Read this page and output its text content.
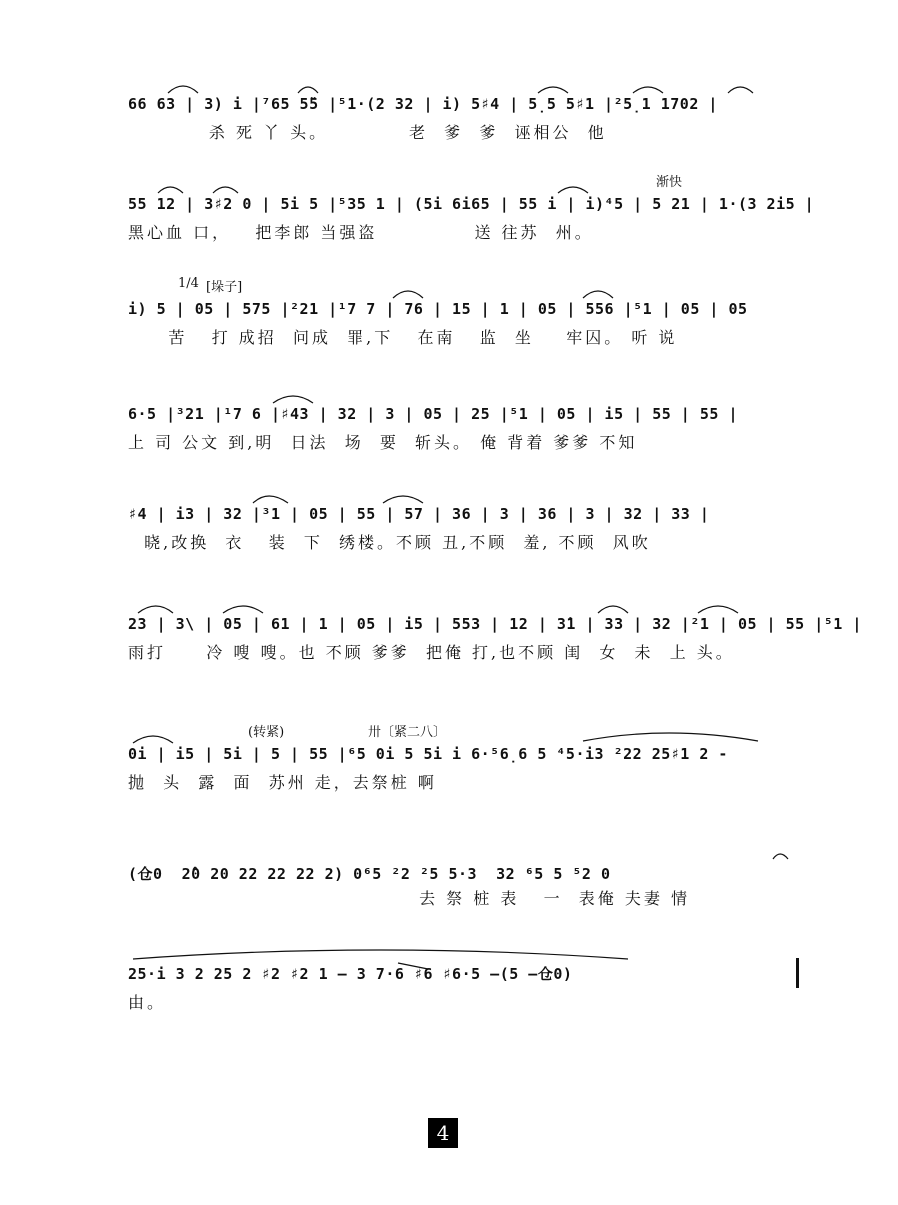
66 63 | 3) i |⁷65 5̈5 |⁵1·(2 32 | i) 5♯4 | 5̣5 5♯1 |²5̣1 1702 |
杀 死 丫 头。          老  爹  爹  诬相公  他
渐快
55 12 | 3♯2 0 | 5i 5 |⁵35 1 | (5i 6i65 | 55 i | i)⁴5 | 5 21 | 1·(3 2i5 |
黑心血 口，   把李郎 当强盗            送 往苏  州。
1/4 [垛子]
i) 5 | 05 | 575 |²21 |¹7 7 | 76 | 15 | 1 | 05 | 556 |⁵1 | 05 | 05
苦   打 成招  问成  罪,下   在南   监  坐    牢囚。 听 说
6·5 |³21 |¹7 6 |♯43 | 32 | 3 | 05 | 25 |⁵1 | 05 | i5 | 55 | 55 |
上 司 公文 到,明  日法  场  要  斩头。 俺 背着 爹爹 不知
♯4 | i3 | 32 |³1 | 05 | 55 | 57 | 36 | 3 | 36 | 3 | 32 | 33 |
晓,改换  衣   装  下  绣楼。不顾 丑,不顾  羞, 不顾  风吹
23 | 3\ | 05 | 61 | 1 | 05 | i5 | 553 | 12 | 3̇1 | 33 | 32 |²1 | 05 | 55 |⁵1 |
雨打     冷 嗖 嗖。也 不顾 爹爹  把俺 打,也不顾 闺  女  未  上 头。
(转紧)	卅〔紧二八〕
0i | i5 | 5i | 5 | 55 |⁶5 0i 5 5i i 6·⁵6̣6 5 ⁴5·i3 ²22 25♯1 2 -
抛  头  露  面  苏州 走，去祭桩 啊
(仓0  2̂0 20 22 22 22 2) 0⁶5 ²2 ²5 5·3  32 ⁶5 5 ⁵2 0
去 祭 桩 表   一  表俺 夫妻 情
25·i 3 2 25 2 ♯2 ♯2 1 — 3 7·6 ♯6 ♯6·5 —(5 —仓0)
由。
4
